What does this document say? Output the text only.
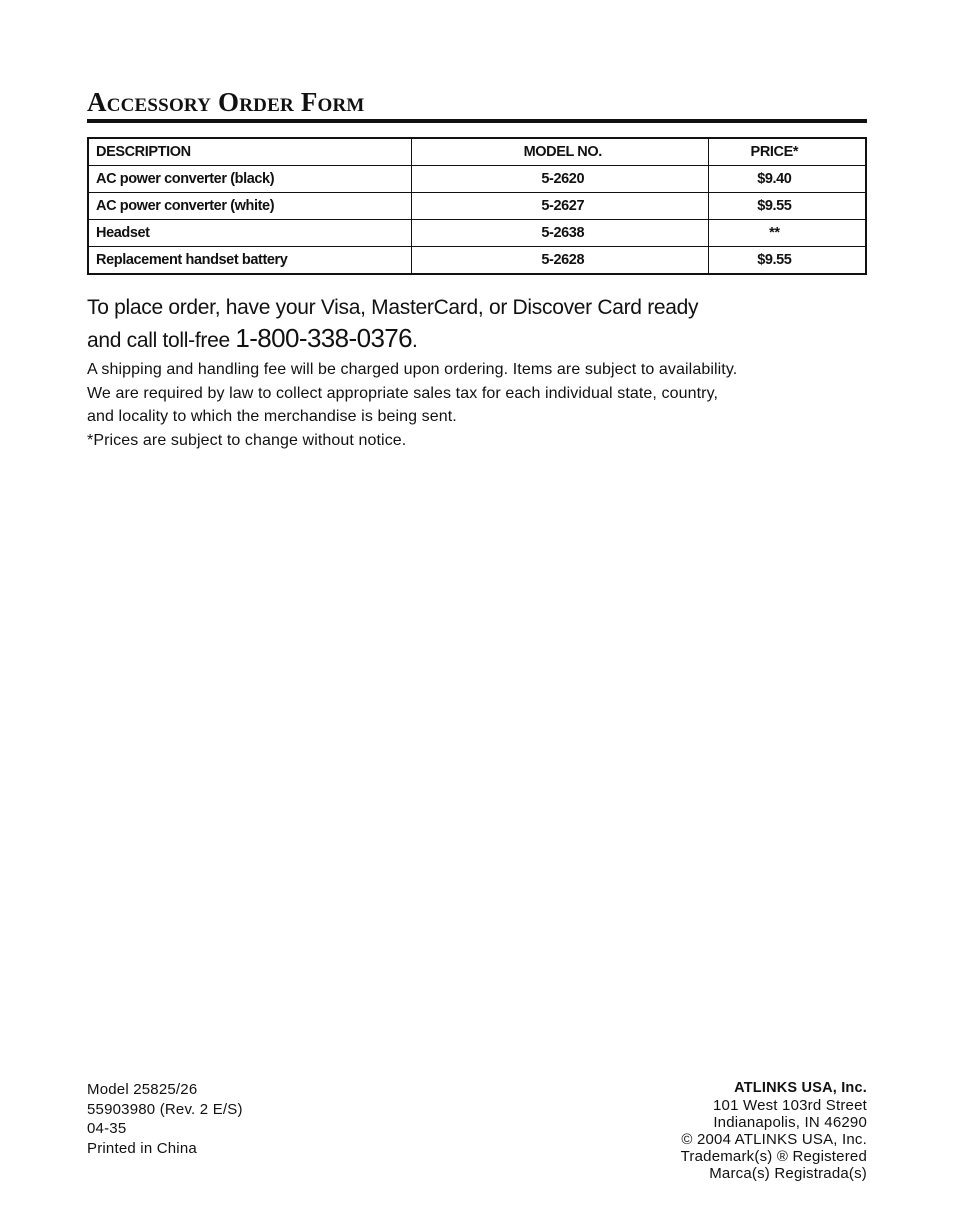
Accessory Order Form
DESCRIPTION	MODEL NO.	PRICE*
AC power converter (black)	5-2620	$9.40
AC power converter (white)	5-2627	$9.55
Headset	5-2638	**
Replacement handset battery	5-2628	$9.55
To place order, have your Visa, MasterCard, or Discover Card ready
and call toll-free 1-800-338-0376.
A shipping and handling fee will be charged upon ordering. Items are subject to availability.
We are required by law to collect appropriate sales tax for each individual state, country,
and locality to which the merchandise is being sent.
*Prices are subject to change without notice.
Model 25825/26
55903980 (Rev. 2 E/S)
04-35
Printed in China
ATLINKS USA, Inc.
101 West 103rd Street
Indianapolis, IN 46290
© 2004 ATLINKS USA, Inc.
Trademark(s) ® Registered
Marca(s) Registrada(s)
